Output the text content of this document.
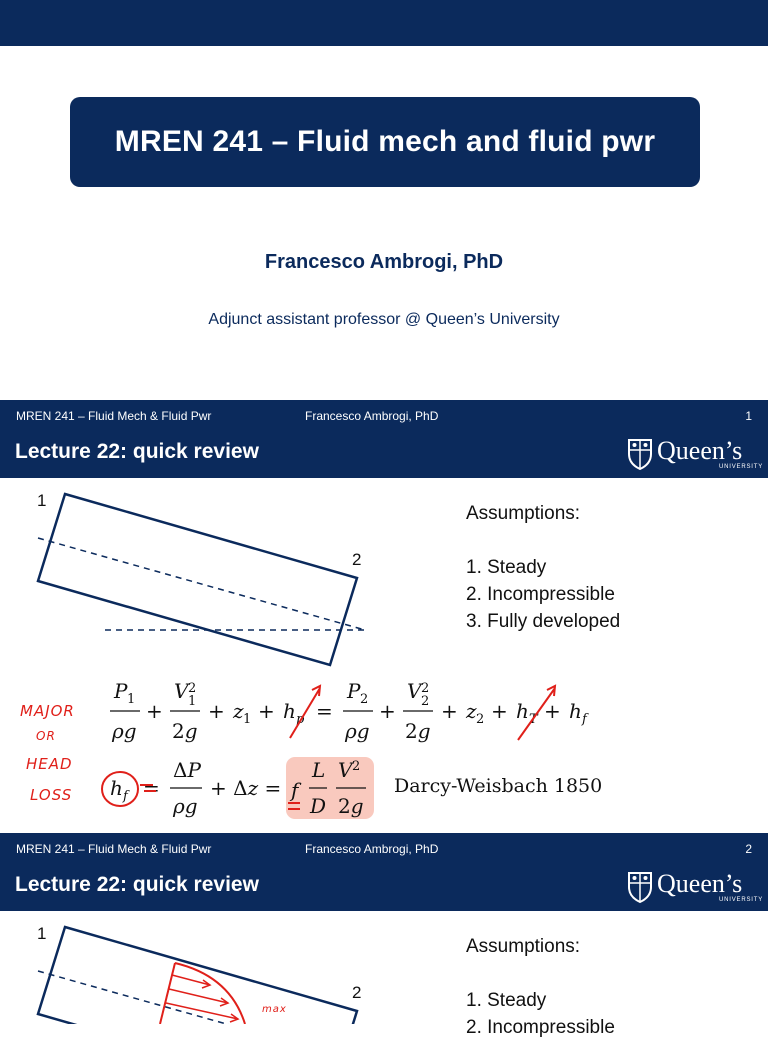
MREN 241 – Fluid mech and fluid pwr
Francesco Ambrogi, PhD
Adjunct assistant professor @ Queen’s University
MREN 241 – Fluid Mech & Fluid Pwr	Francesco Ambrogi, PhD	1
Lecture 22: quick review	Queen’s
UNIVERSITY
1
2
Assumptions:
1. Steady
2. Incompressible
3. Fully developed
MAJOR
OR
HEAD
LOSS
P 1
ρg
+
V 2
1
2g
+ z 1 + h p =
P 2
ρg
+
V 2
2
2g
+ z 2 + h T + h f
h f =
ΔP
ρg
+ Δz = f
L
D
V 2
2g
Darcy-Weisbach 1850
MREN 241 – Fluid Mech & Fluid Pwr	Francesco Ambrogi, PhD	2
Lecture 22: quick review	Queen’s
UNIVERSITY
1
2
max
Assumptions:
1. Steady
2. Incompressible
